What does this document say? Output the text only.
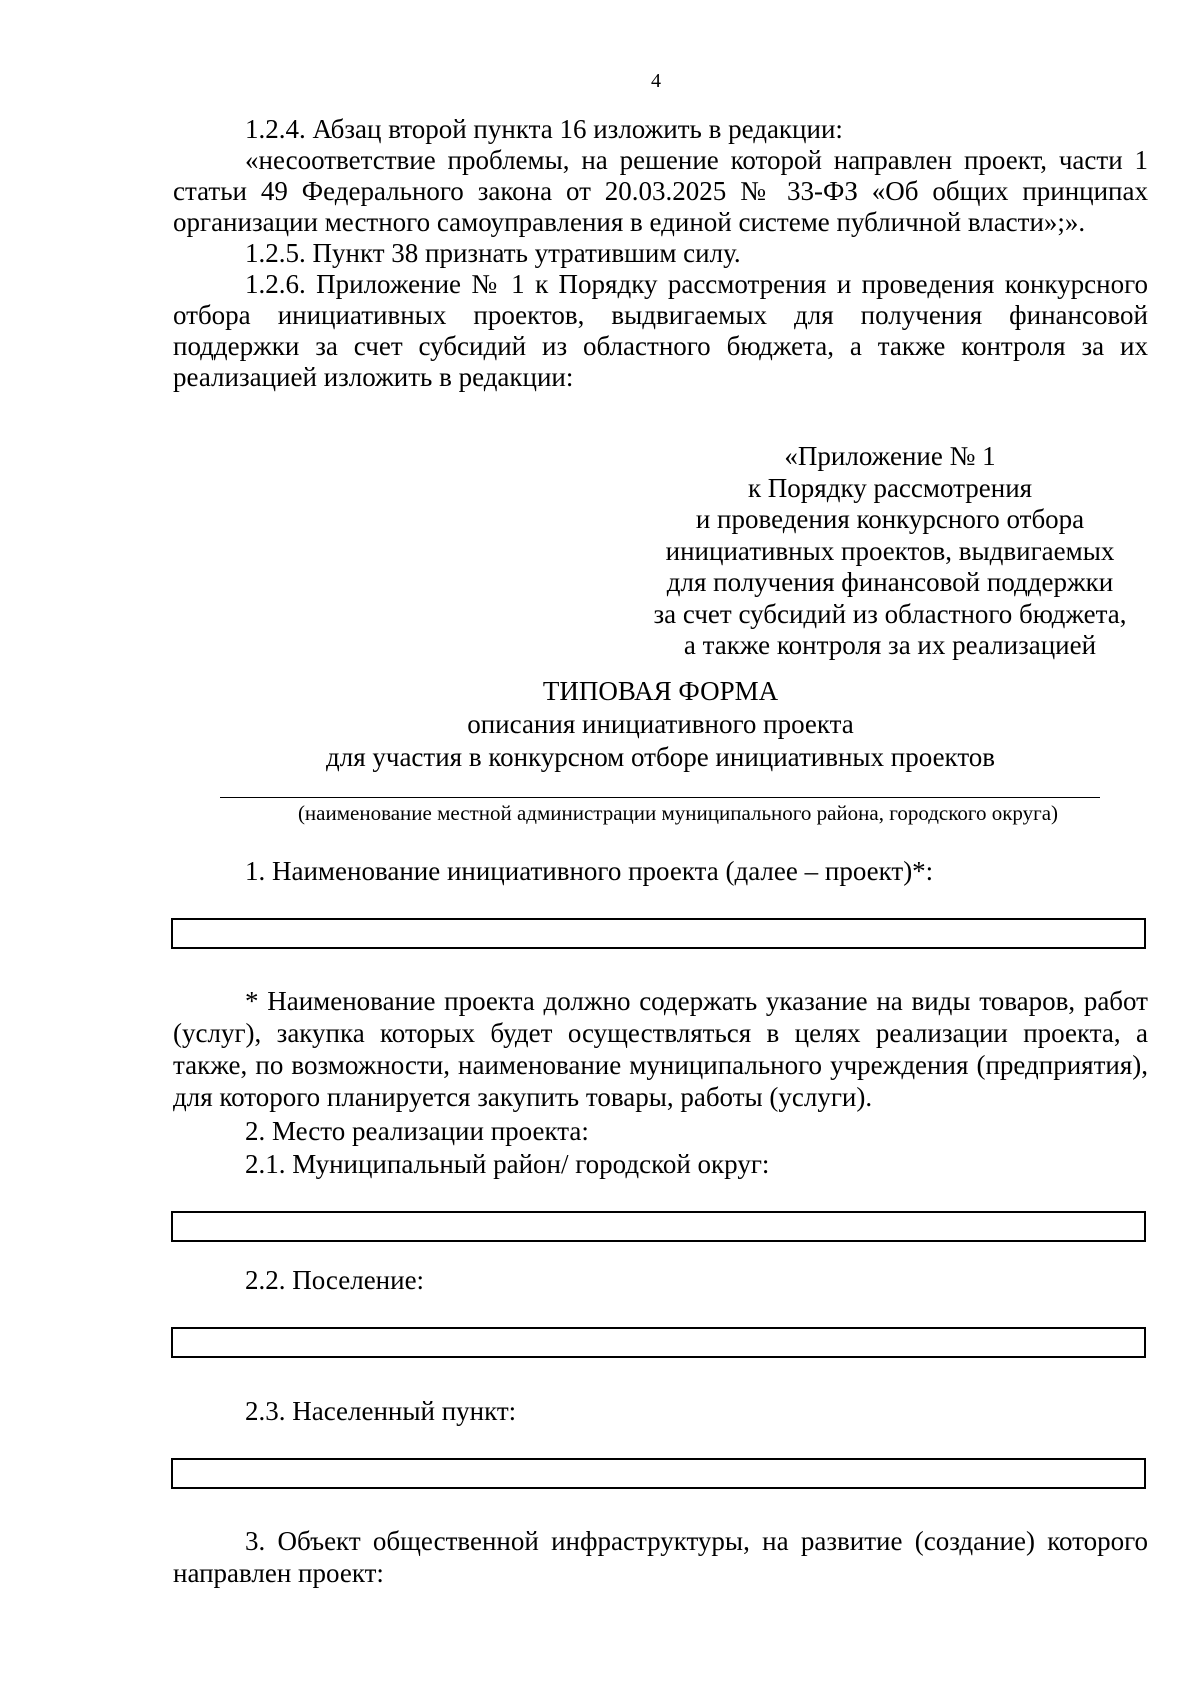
4

1.2.4. Абзац второй пункта 16 изложить в редакции:

«несоответствие проблемы, на решение которой направлен проект, части 1 статьи 49 Федерального закона от 20.03.2025 № 33-ФЗ «Об общих принципах организации местного самоуправления в единой системе публичной власти»;».

1.2.5. Пункт 38 признать утратившим силу.

1.2.6. Приложение № 1 к Порядку рассмотрения и проведения конкурсного отбора инициативных проектов, выдвигаемых для получения финансовой поддержки за счет субсидий из областного бюджета, а также контроля за их реализацией изложить в редакции:

«Приложение № 1
к Порядку рассмотрения
и проведения конкурсного отбора
инициативных проектов, выдвигаемых
для получения финансовой поддержки
за счет субсидий из областного бюджета,
а также контроля за их реализацией
ТИПОВАЯ ФОРМА
описания инициативного проекта
для участия в конкурсном отборе инициативных проектов
(наименование местной администрации муниципального района, городского округа)
1. Наименование инициативного проекта (далее – проект)*:

* Наименование проекта должно содержать указание на виды товаров, работ (услуг), закупка которых будет осуществляться в целях реализации проекта, а также, по возможности, наименование муниципального учреждения (предприятия), для которого планируется закупить товары, работы (услуги).

2. Место реализации проекта:
2.1. Муниципальный район/ городской округ:
2.2. Поселение:
2.3. Населенный пункт:

3. Объект общественной инфраструктуры, на развитие (создание) которого направлен проект:
